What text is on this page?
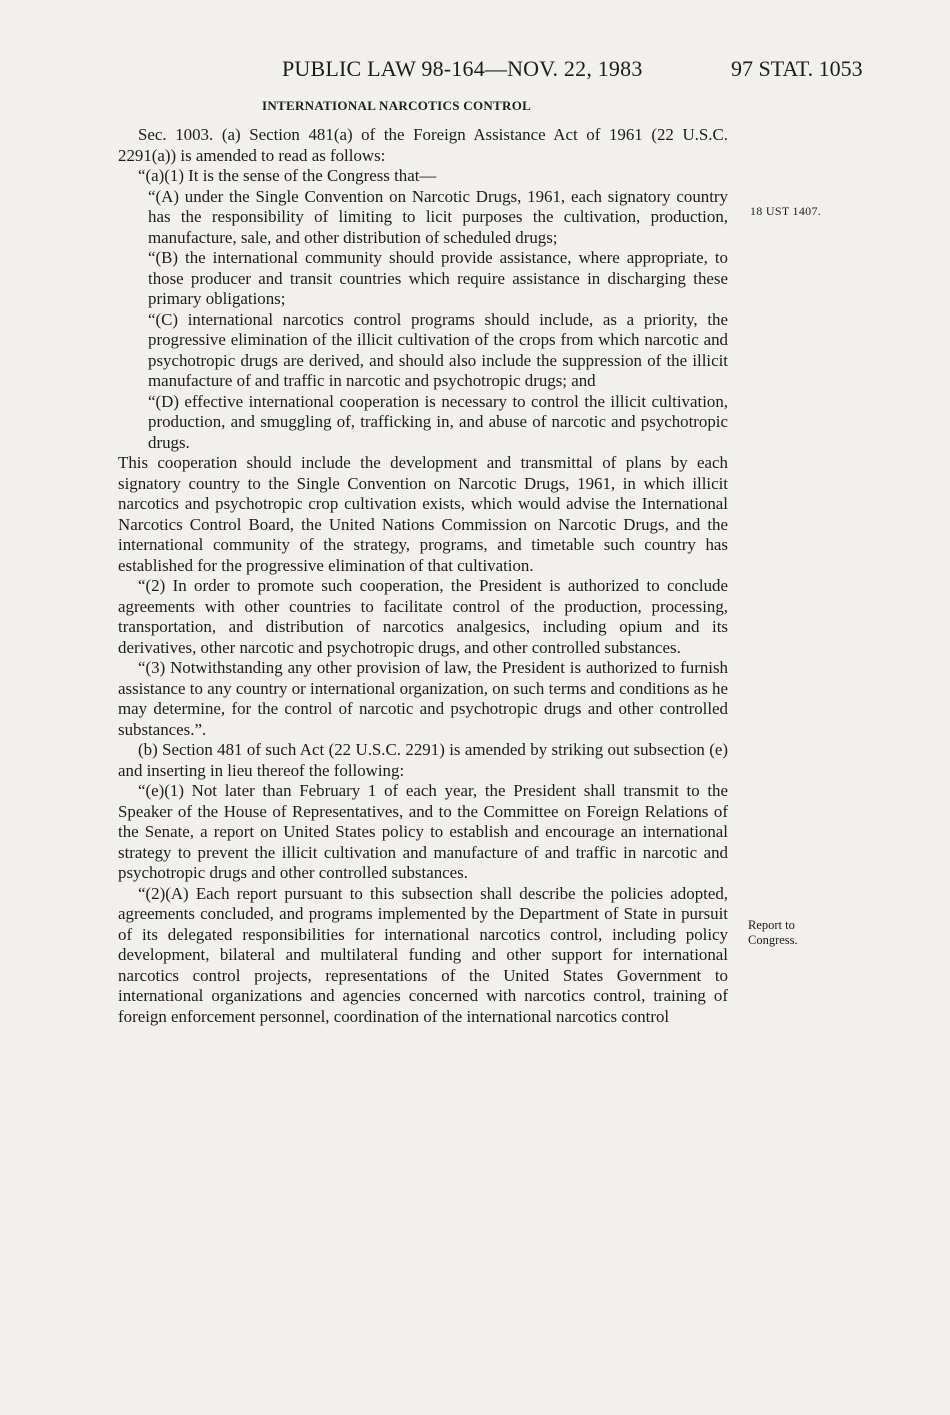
PUBLIC LAW 98-164—NOV. 22, 1983	97 STAT. 1053
INTERNATIONAL NARCOTICS CONTROL
18 UST 1407.
Report to Congress.

Sec. 1003. (a) Section 481(a) of the Foreign Assistance Act of 1961 (22 U.S.C. 2291(a)) is amended to read as follows:

“(a)(1) It is the sense of the Congress that—

“(A) under the Single Convention on Narcotic Drugs, 1961, each signatory country has the responsibility of limiting to licit purposes the cultivation, production, manufacture, sale, and other distribution of scheduled drugs;

“(B) the international community should provide assistance, where appropriate, to those producer and transit countries which require assistance in discharging these primary obligations;

“(C) international narcotics control programs should include, as a priority, the progressive elimination of the illicit cultivation of the crops from which narcotic and psychotropic drugs are derived, and should also include the suppression of the illicit manufacture of and traffic in narcotic and psychotropic drugs; and

“(D) effective international cooperation is necessary to control the illicit cultivation, production, and smuggling of, trafficking in, and abuse of narcotic and psychotropic drugs.

This cooperation should include the development and transmittal of plans by each signatory country to the Single Convention on Narcotic Drugs, 1961, in which illicit narcotics and psychotropic crop cultivation exists, which would advise the International Narcotics Control Board, the United Nations Commission on Narcotic Drugs, and the international community of the strategy, programs, and timetable such country has established for the progressive elimination of that cultivation.

“(2) In order to promote such cooperation, the President is authorized to conclude agreements with other countries to facilitate control of the production, processing, transportation, and distribution of narcotics analgesics, including opium and its derivatives, other narcotic and psychotropic drugs, and other controlled substances.

“(3) Notwithstanding any other provision of law, the President is authorized to furnish assistance to any country or international organization, on such terms and conditions as he may determine, for the control of narcotic and psychotropic drugs and other controlled substances.”.

(b) Section 481 of such Act (22 U.S.C. 2291) is amended by striking out subsection (e) and inserting in lieu thereof the following:

“(e)(1) Not later than February 1 of each year, the President shall transmit to the Speaker of the House of Representatives, and to the Committee on Foreign Relations of the Senate, a report on United States policy to establish and encourage an international strategy to prevent the illicit cultivation and manufacture of and traffic in narcotic and psychotropic drugs and other controlled substances.

“(2)(A) Each report pursuant to this subsection shall describe the policies adopted, agreements concluded, and programs implemented by the Department of State in pursuit of its delegated responsibilities for international narcotics control, including policy development, bilateral and multilateral funding and other support for international narcotics control projects, representations of the United States Government to international organizations and agencies concerned with narcotics control, training of foreign enforcement personnel, coordination of the international narcotics control
